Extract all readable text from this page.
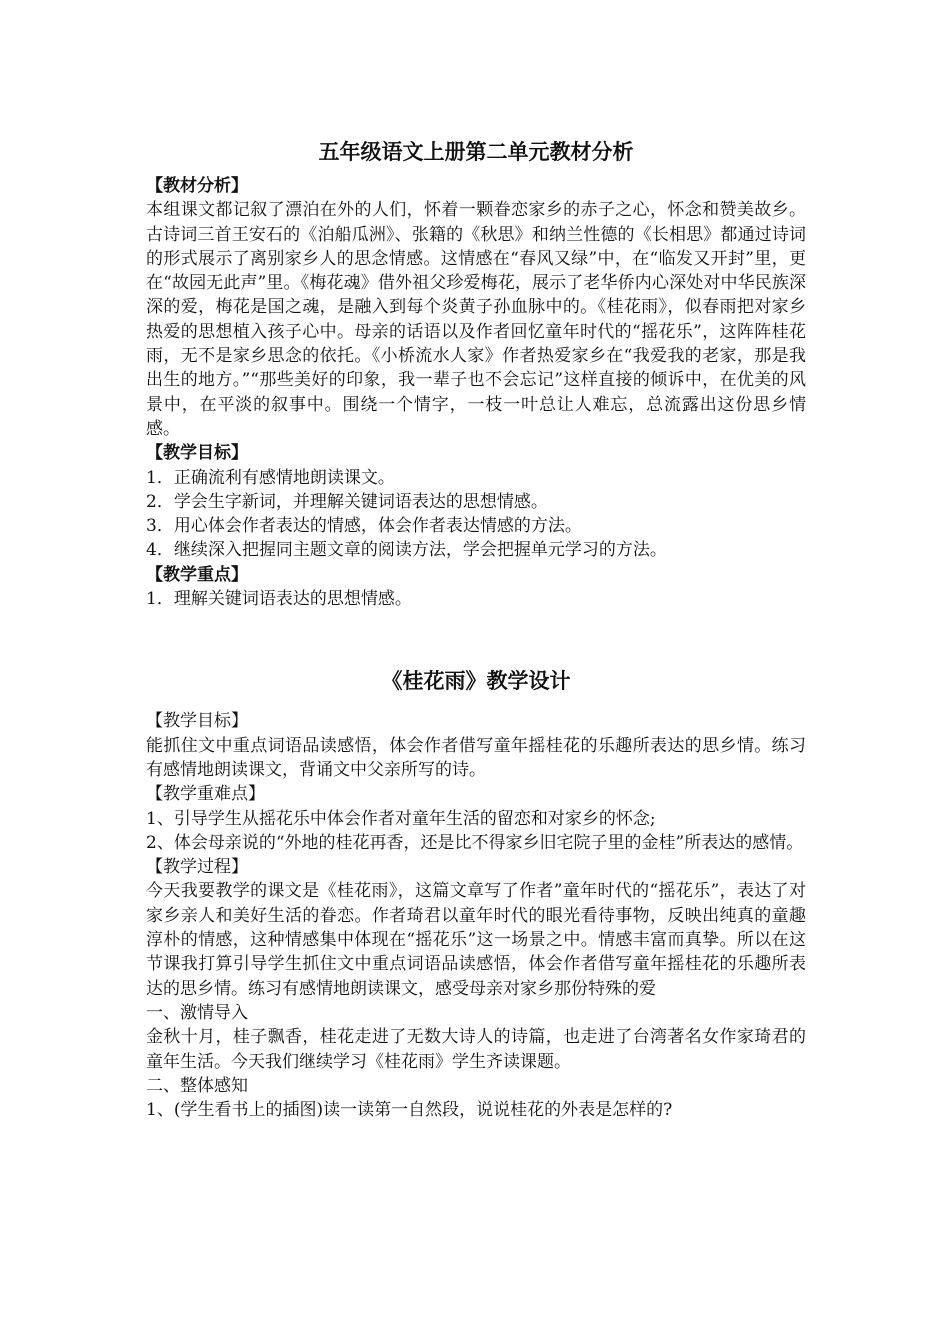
五年级语文上册第二单元教材分析
【教材分析】

本组课文都记叙了漂泊在外的人们，怀着一颗眷恋家乡的赤子之心，怀念和赞美故乡。古诗词三首王安石的《泊船瓜洲》、张籍的《秋思》和纳兰性德的《长相思》都通过诗词的形式展示了离别家乡人的思念情感。这情感在“春风又绿”中，在“临发又开封”里，更在“故园无此声”里。《梅花魂》借外祖父珍爱梅花，展示了老华侨内心深处对中华民族深深的爱，梅花是国之魂，是融入到每个炎黄子孙血脉中的。《桂花雨》，似春雨把对家乡热爱的思想植入孩子心中。母亲的话语以及作者回忆童年时代的“摇花乐”，这阵阵桂花雨，无不是家乡思念的依托。《小桥流水人家》作者热爱家乡在“我爱我的老家，那是我出生的地方。”“那些美好的印象，我一辈子也不会忘记”这样直接的倾诉中，在优美的风景中，在平淡的叙事中。围绕一个情字，一枝一叶总让人难忘，总流露出这份思乡情感。

【教学目标】
1．正确流利有感情地朗读课文。
2．学会生字新词，并理解关键词语表达的思想情感。
3．用心体会作者表达的情感，体会作者表达情感的方法。
4．继续深入把握同主题文章的阅读方法，学会把握单元学习的方法。
【教学重点】
1．理解关键词语表达的思想情感。
《桂花雨》教学设计
【教学目标】

能抓住文中重点词语品读感悟，体会作者借写童年摇桂花的乐趣所表达的思乡情。练习有感情地朗读课文，背诵文中父亲所写的诗。

【教学重难点】

1、引导学生从摇花乐中体会作者对童年生活的留恋和对家乡的怀念;

2、体会母亲说的“外地的桂花再香，还是比不得家乡旧宅院子里的金桂”所表达的感情。

【教学过程】

今天我要教学的课文是《桂花雨》，这篇文章写了作者”童年时代的“摇花乐”，表达了对家乡亲人和美好生活的眷恋。作者琦君以童年时代的眼光看待事物，反映出纯真的童趣淳朴的情感，这种情感集中体现在“摇花乐”这一场景之中。情感丰富而真挚。所以在这节课我打算引导学生抓住文中重点词语品读感悟，体会作者借写童年摇桂花的乐趣所表达的思乡情。练习有感情地朗读课文，感受母亲对家乡那份特殊的爱

一、激情导入

金秋十月，桂子飘香，桂花走进了无数大诗人的诗篇，也走进了台湾著名女作家琦君的童年生活。今天我们继续学习《桂花雨》学生齐读课题。

二、整体感知

1、(学生看书上的插图)读一读第一自然段，说说桂花的外表是怎样的?
